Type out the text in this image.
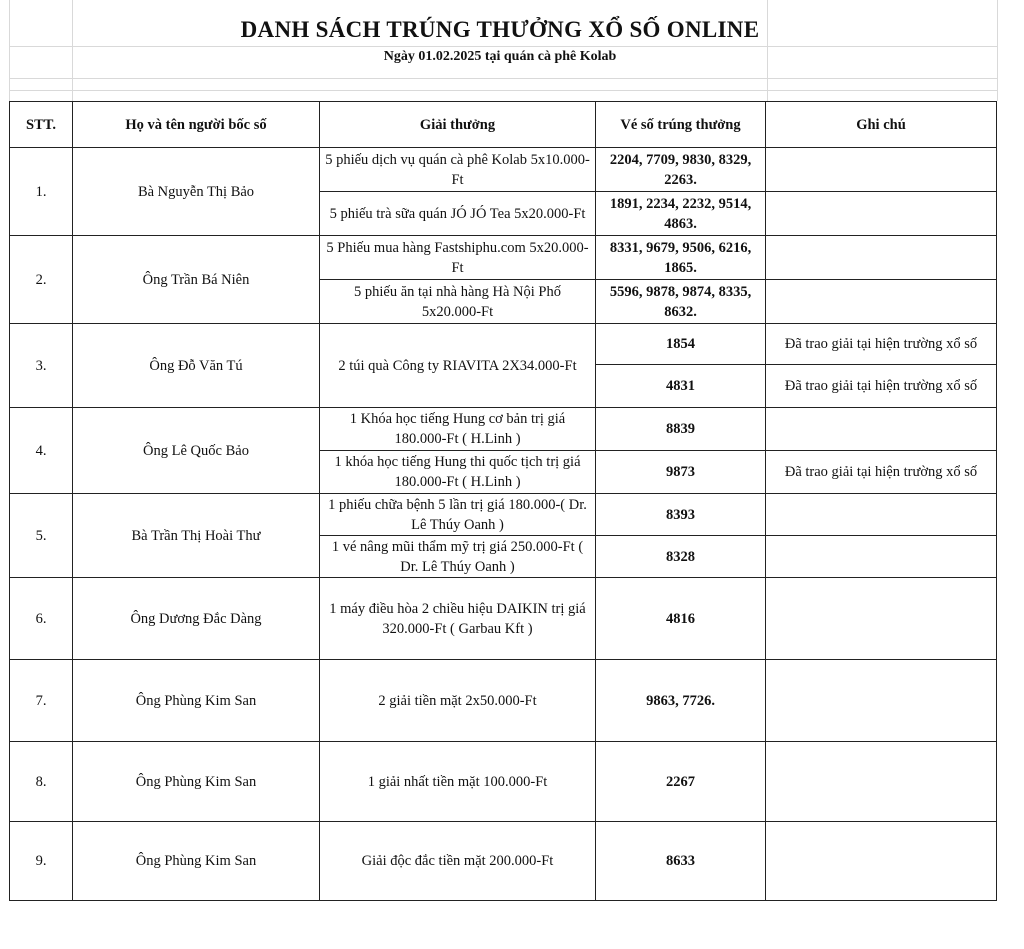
DANH SÁCH TRÚNG THƯỞNG XỔ SỐ ONLINE
Ngày 01.02.2025 tại quán cà phê Kolab
STT.	Họ và tên người bốc số	Giải thưởng	Vé số trúng thưởng	Ghi chú
1.	Bà Nguyễn Thị Bảo	5 phiếu dịch vụ quán cà phê Kolab 5x10.000-Ft	2204, 7709, 9830, 8329, 2263.	
		5 phiếu trà sữa quán JÓ JÓ Tea 5x20.000-Ft	1891, 2234, 2232, 9514, 4863.	
2.	Ông Trần Bá Niên	5 Phiếu mua hàng Fastshiphu.com 5x20.000-Ft	8331, 9679, 9506, 6216, 1865.	
		5 phiếu ăn tại nhà hàng Hà Nội Phố 5x20.000-Ft	5596, 9878, 9874, 8335, 8632.	
3.	Ông Đỗ Văn Tú	2 túi quà Công ty RIAVITA 2X34.000-Ft	1854	Đã trao giải tại hiện trường xổ số
			4831	Đã trao giải tại hiện trường xổ số
4.	Ông Lê Quốc Bảo	1 Khóa học tiếng Hung cơ bản trị giá 180.000-Ft ( H.Linh )	8839	
		1 khóa học tiếng Hung thi quốc tịch trị giá 180.000-Ft ( H.Linh )	9873	Đã trao giải tại hiện trường xổ số
5.	Bà Trần Thị Hoài Thư	1 phiếu chữa bệnh 5 lần trị giá 180.000-( Dr. Lê Thúy Oanh )	8393	
		1 vé nâng mũi thẩm mỹ trị giá 250.000-Ft ( Dr. Lê Thúy Oanh )	8328	
6.	Ông Dương Đắc Dàng	1 máy điều hòa 2 chiều hiệu DAIKIN trị giá 320.000-Ft ( Garbau Kft )	4816	
7.	Ông Phùng Kim San	2 giải tiền mặt 2x50.000-Ft	9863, 7726.	
8.	Ông Phùng Kim San	1 giải nhất tiền mặt 100.000-Ft	2267	
9.	Ông Phùng Kim San	Giải độc đắc tiền mặt 200.000-Ft	8633	
